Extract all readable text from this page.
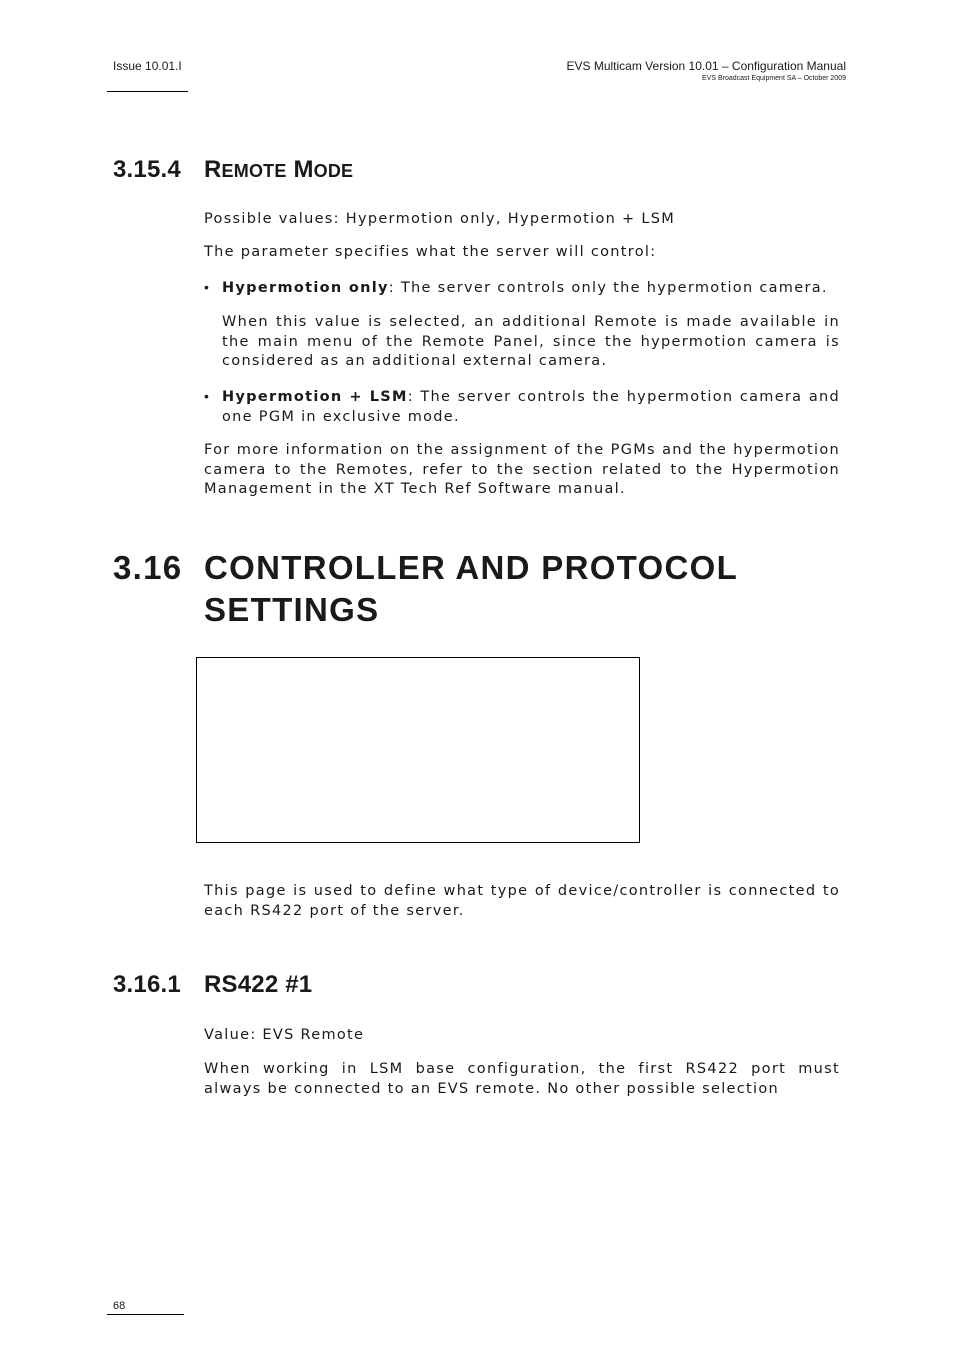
Issue 10.01.I	EVS Multicam Version 10.01 – Configuration Manual
EVS Broadcast Equipment SA – October 2009
3.15.4 REMOTE MODE
Possible values: Hypermotion only, Hypermotion + LSM
The parameter specifies what the server will control:
• Hypermotion only: The server controls only the hypermotion camera.
When this value is selected, an additional Remote is made available in the main menu of the Remote Panel, since the hypermotion camera is considered as an additional external camera.
• Hypermotion + LSM: The server controls the hypermotion camera and one PGM in exclusive mode.
For more information on the assignment of the PGMs and the hypermotion camera to the Remotes, refer to the section related to the Hypermotion Management in the XT Tech Ref Software manual.
3.16 CONTROLLER AND PROTOCOL
SETTINGS
This page is used to define what type of device/controller is connected to each RS422 port of the server.
3.16.1 RS422 #1
Value: EVS Remote
When working in LSM base configuration, the first RS422 port must always be connected to an EVS remote. No other possible selection
68
